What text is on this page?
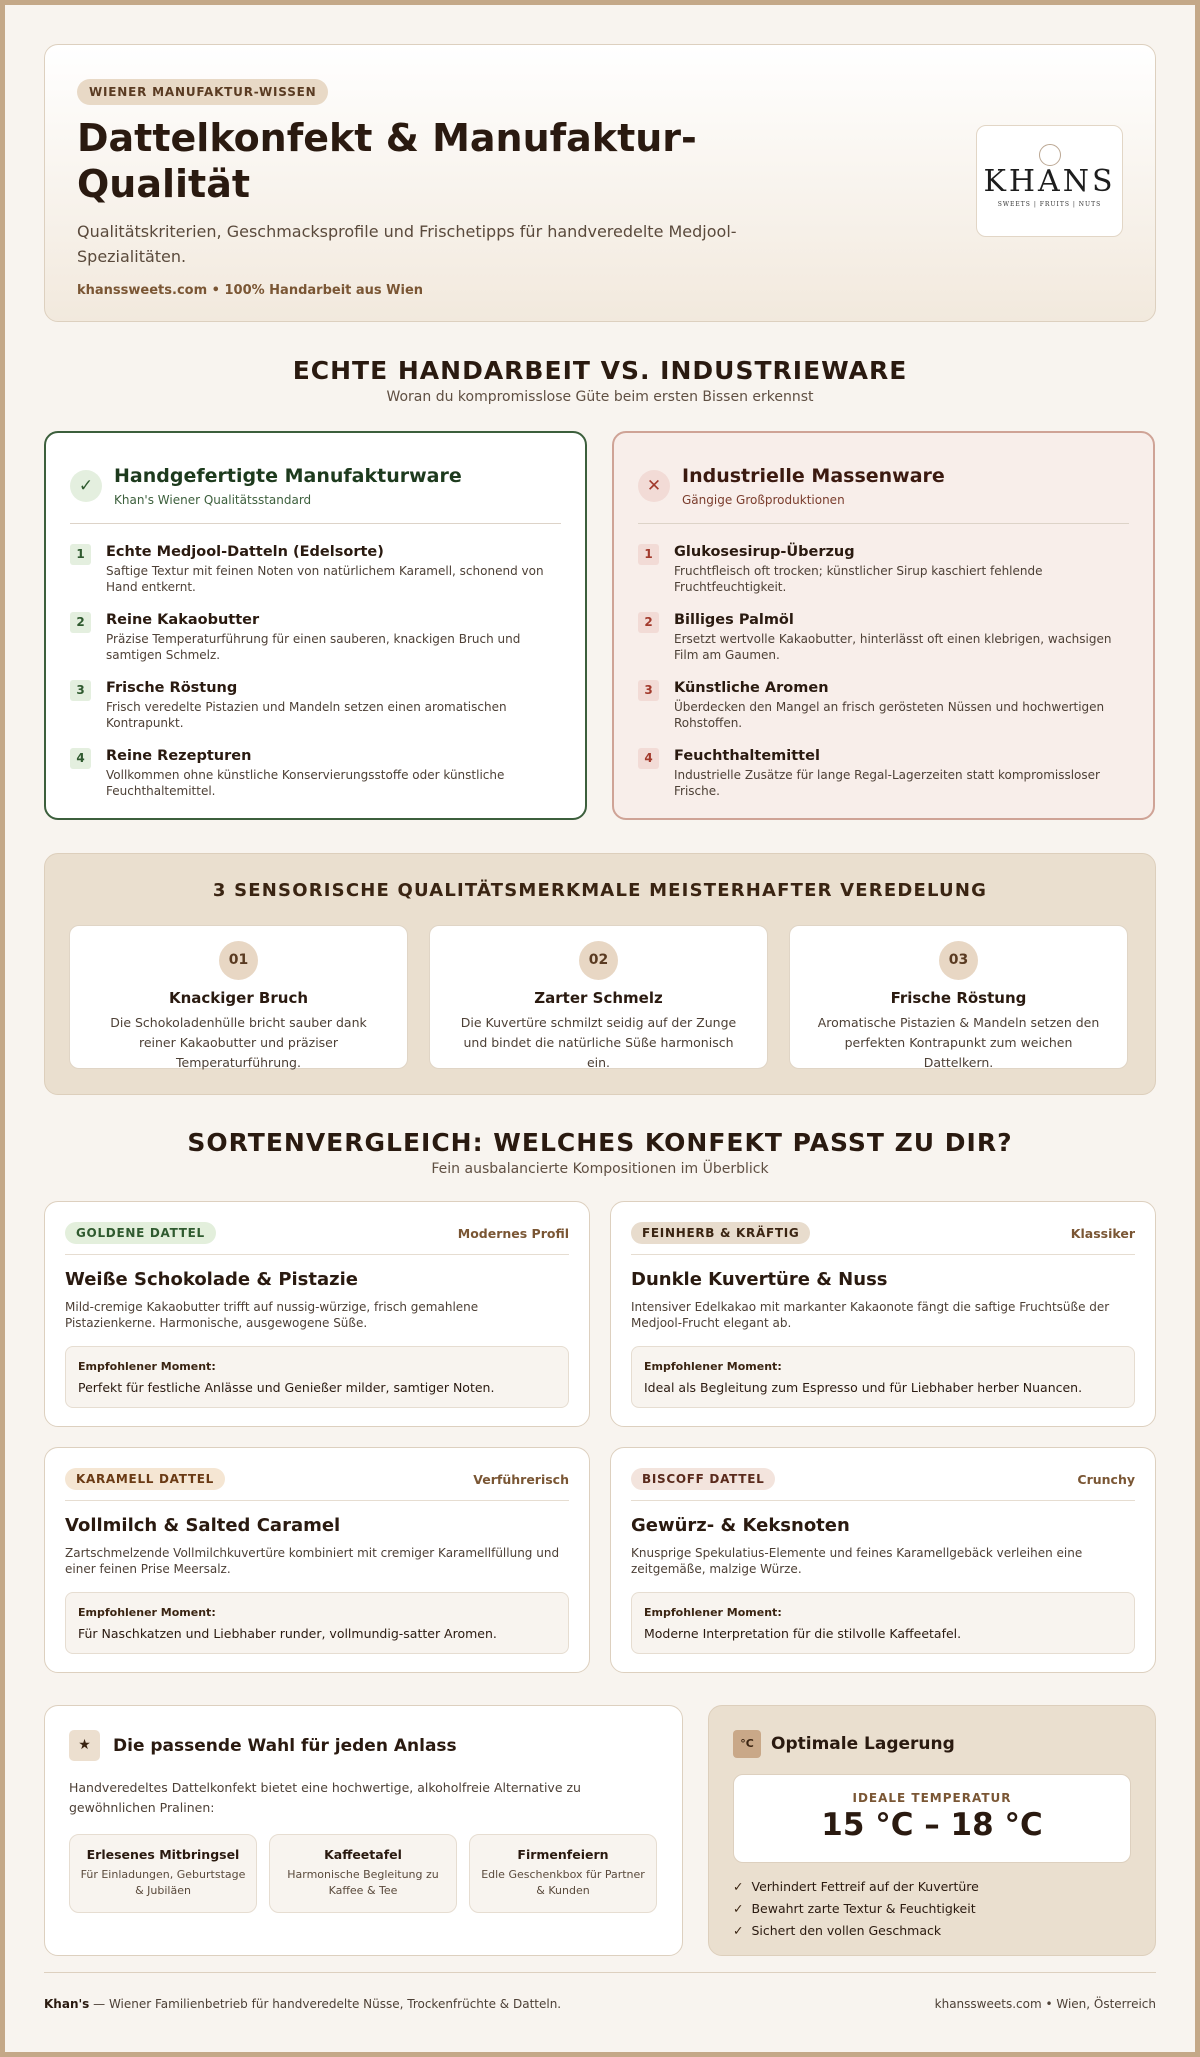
WIENER MANUFAKTUR-WISSEN
Dattelkonfekt & Manufaktur-Qualität

Qualitätskriterien, Geschmacksprofile und Frischetipps für handveredelte Medjool-Spezialitäten.

khanssweets.com • 100% Handarbeit aus Wien

KHANS
SWEETS | FRUITS | NUTS
ECHTE HANDARBEIT VS. INDUSTRIEWARE

Woran du kompromisslose Güte beim ersten Bissen erkennst

✓	Handgefertigte Manufakturware
Khan's Wiener Qualitätsstandard
1	Echte Medjool-Datteln (Edelsorte)
Saftige Textur mit feinen Noten von natürlichem Karamell, schonend von Hand entkernt.
2	Reine Kakaobutter
Präzise Temperaturführung für einen sauberen, knackigen Bruch und samtigen Schmelz.
3	Frische Röstung
Frisch veredelte Pistazien und Mandeln setzen einen aromatischen Kontrapunkt.
4	Reine Rezepturen
Vollkommen ohne künstliche Konservierungsstoffe oder künstliche Feuchthaltemittel.
✕	Industrielle Massenware
Gängige Großproduktionen
1	Glukosesirup-Überzug
Fruchtfleisch oft trocken; künstlicher Sirup kaschiert fehlende Fruchtfeuchtigkeit.
2	Billiges Palmöl
Ersetzt wertvolle Kakaobutter, hinterlässt oft einen klebrigen, wachsigen Film am Gaumen.
3	Künstliche Aromen
Überdecken den Mangel an frisch gerösteten Nüssen und hochwertigen Rohstoffen.
4	Feuchthaltemittel
Industrielle Zusätze für lange Regal-Lagerzeiten statt kompromissloser Frische.
3 SENSORISCHE QUALITÄTSMERKMALE MEISTERHAFTER VEREDELUNG
01
Knackiger Bruch
Die Schokoladenhülle bricht sauber dank reiner Kakaobutter und präziser Temperaturführung.
02
Zarter Schmelz
Die Kuvertüre schmilzt seidig auf der Zunge und bindet die natürliche Süße harmonisch ein.
03
Frische Röstung
Aromatische Pistazien & Mandeln setzen den perfekten Kontrapunkt zum weichen Dattelkern.
SORTENVERGLEICH: WELCHES KONFEKT PASST ZU DIR?

Fein ausbalancierte Kompositionen im Überblick

GOLDENE DATTEL	Modernes Profil
Weiße Schokolade & Pistazie
Mild-cremige Kakaobutter trifft auf nussig-würzige, frisch gemahlene Pistazienkerne. Harmonische, ausgewogene Süße.
Empfohlener Moment:
Perfekt für festliche Anlässe und Genießer milder, samtiger Noten.
FEINHERB & KRÄFTIG	Klassiker
Dunkle Kuvertüre & Nuss
Intensiver Edelkakao mit markanter Kakaonote fängt die saftige Fruchtsüße der Medjool-Frucht elegant ab.
Empfohlener Moment:
Ideal als Begleitung zum Espresso und für Liebhaber herber Nuancen.
KARAMELL DATTEL	Verführerisch
Vollmilch & Salted Caramel
Zartschmelzende Vollmilchkuvertüre kombiniert mit cremiger Karamellfüllung und einer feinen Prise Meersalz.
Empfohlener Moment:
Für Naschkatzen und Liebhaber runder, vollmundig-satter Aromen.
BISCOFF DATTEL	Crunchy
Gewürz- & Keksnoten
Knusprige Spekulatius-Elemente und feines Karamellgebäck verleihen eine zeitgemäße, malzige Würze.
Empfohlener Moment:
Moderne Interpretation für die stilvolle Kaffeetafel.
★	Die passende Wahl für jeden Anlass

Handveredeltes Dattelkonfekt bietet eine hochwertige, alkoholfreie Alternative zu gewöhnlichen Pralinen:

Erlesenes Mitbringsel
Für Einladungen, Geburtstage & Jubiläen
Kaffeetafel
Harmonische Begleitung zu Kaffee & Tee
Firmenfeiern
Edle Geschenkbox für Partner & Kunden
°C	Optimale Lagerung
IDEALE TEMPERATUR
15 °C – 18 °C
✓ Verhindert Fettreif auf der Kuvertüre
✓ Bewahrt zarte Textur & Feuchtigkeit
✓ Sichert den vollen Geschmack
Khan's — Wiener Familienbetrieb für handveredelte Nüsse, Trockenfrüchte & Datteln.	khanssweets.com • Wien, Österreich
